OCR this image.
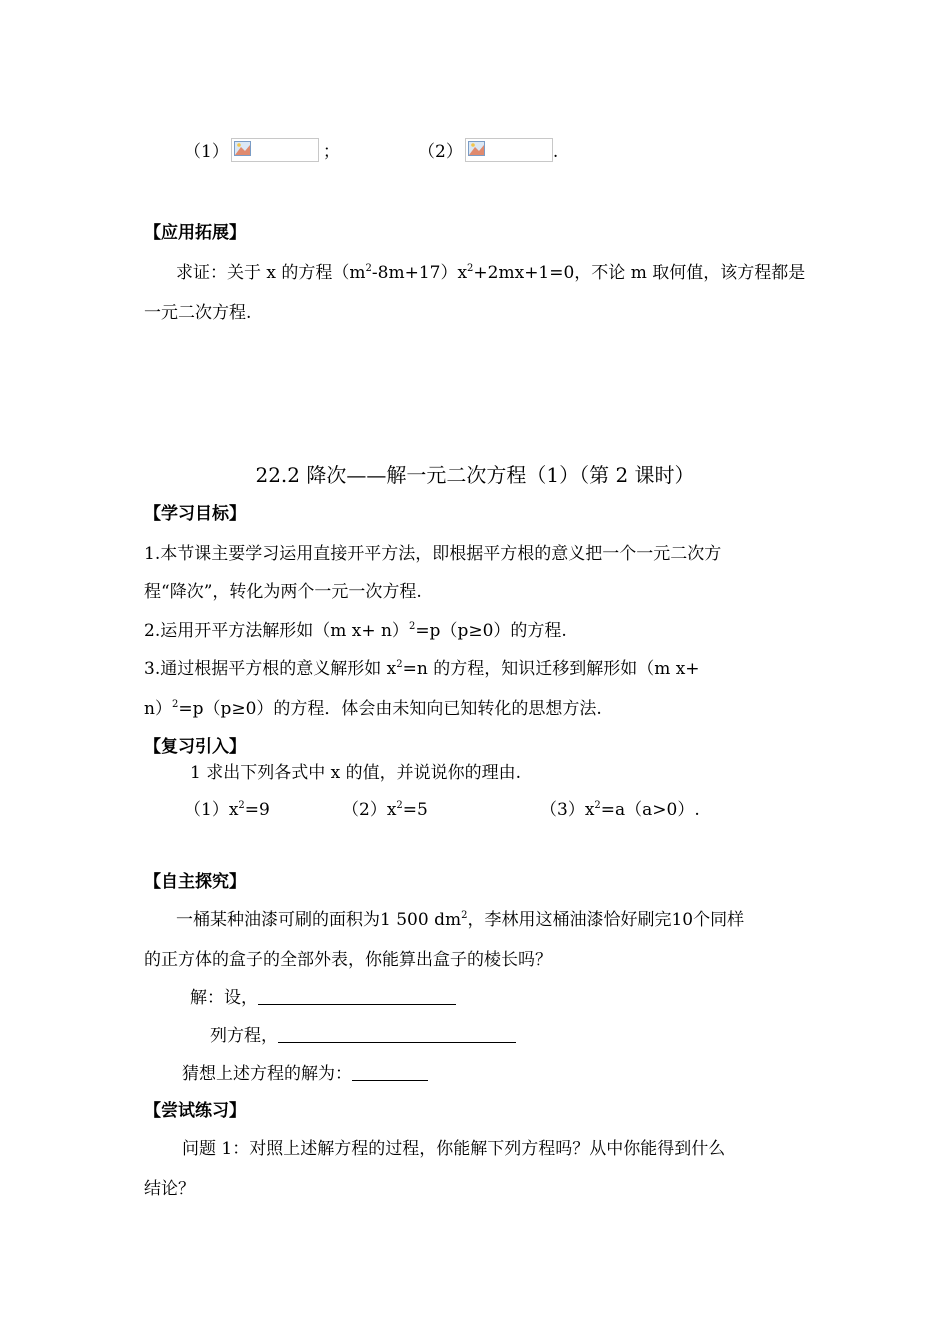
（1）	；	（2）	.
【应用拓展】
求证：关于 x 的方程$(m^2-8m+17)x^2+2mx+1=0$，不论 m 取何值，该方程都是
一元二次方程.
22.2 降次——解一元二次方程（1）（第 2 课时）
【学习目标】
1.本节课主要学习运用直接开平方法，即根据平方根的意义把一个一元二次方
程“降次”，转化为两个一元一次方程.
2.运用开平方法解形如（m x+ n）$^2$=p（p≥0）的方程.
3.通过根据平方根的意义解形如 $x^2=n$ 的方程，知识迁移到解形如（m x+
n）$^2$=p（p≥0）的方程．体会由未知向已知转化的思想方法.
【复习引入】
1 求出下列各式中 x 的值，并说说你的理由.
$(1)x^2=9$	$(2)x^2=5$	$(3)x^2=a(a>0)$.
【自主探究】
一桶某种油漆可刷的面积为1 500 $dm^2$，李林用这桶油漆恰好刷完10个同样
的正方体的盒子的全部外表，你能算出盒子的棱长吗？
解：设，
列方程，
猜想上述方程的解为：
【尝试练习】
问题 1：对照上述解方程的过程，你能解下列方程吗？从中你能得到什么
结论？
